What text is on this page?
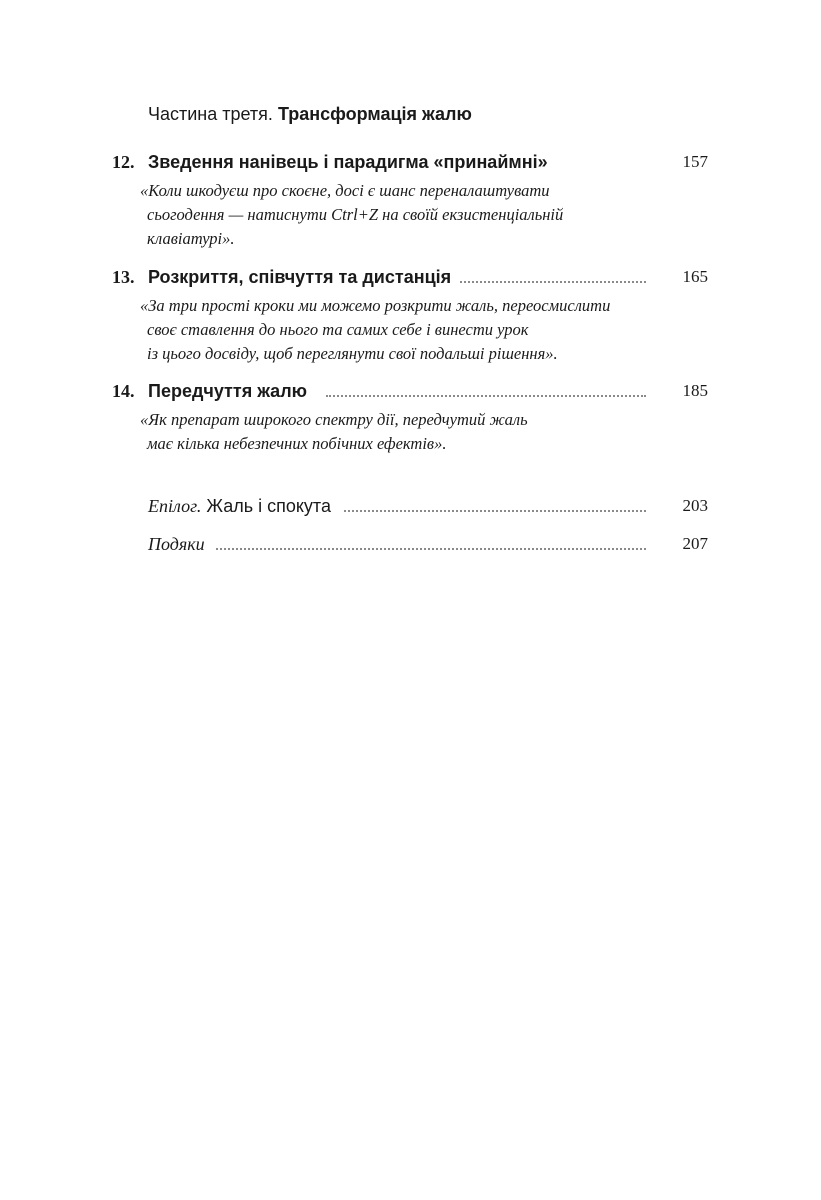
Частина третя. Трансформація жалю
12. Зведення нанівець і парадигма «принаймні»	157
«Коли шкодуєш про скоєне, досі є шанс переналаштувати
сьогодення — натиснути Ctrl+Z на своїй екзистенціальній
клавіатурі».
13. Розкриття, співчуття та дистанція	165
«За три прості кроки ми можемо розкрити жаль, переосмислити
своє ставлення до нього та самих себе і винести урок
із цього досвіду, щоб переглянути свої подальші рішення».
14. Передчуття жалю	185
«Як препарат широкого спектру дії, передчутий жаль
має кілька небезпечних побічних ефектів».
Епілог. Жаль і спокута	203
Подяки	207
